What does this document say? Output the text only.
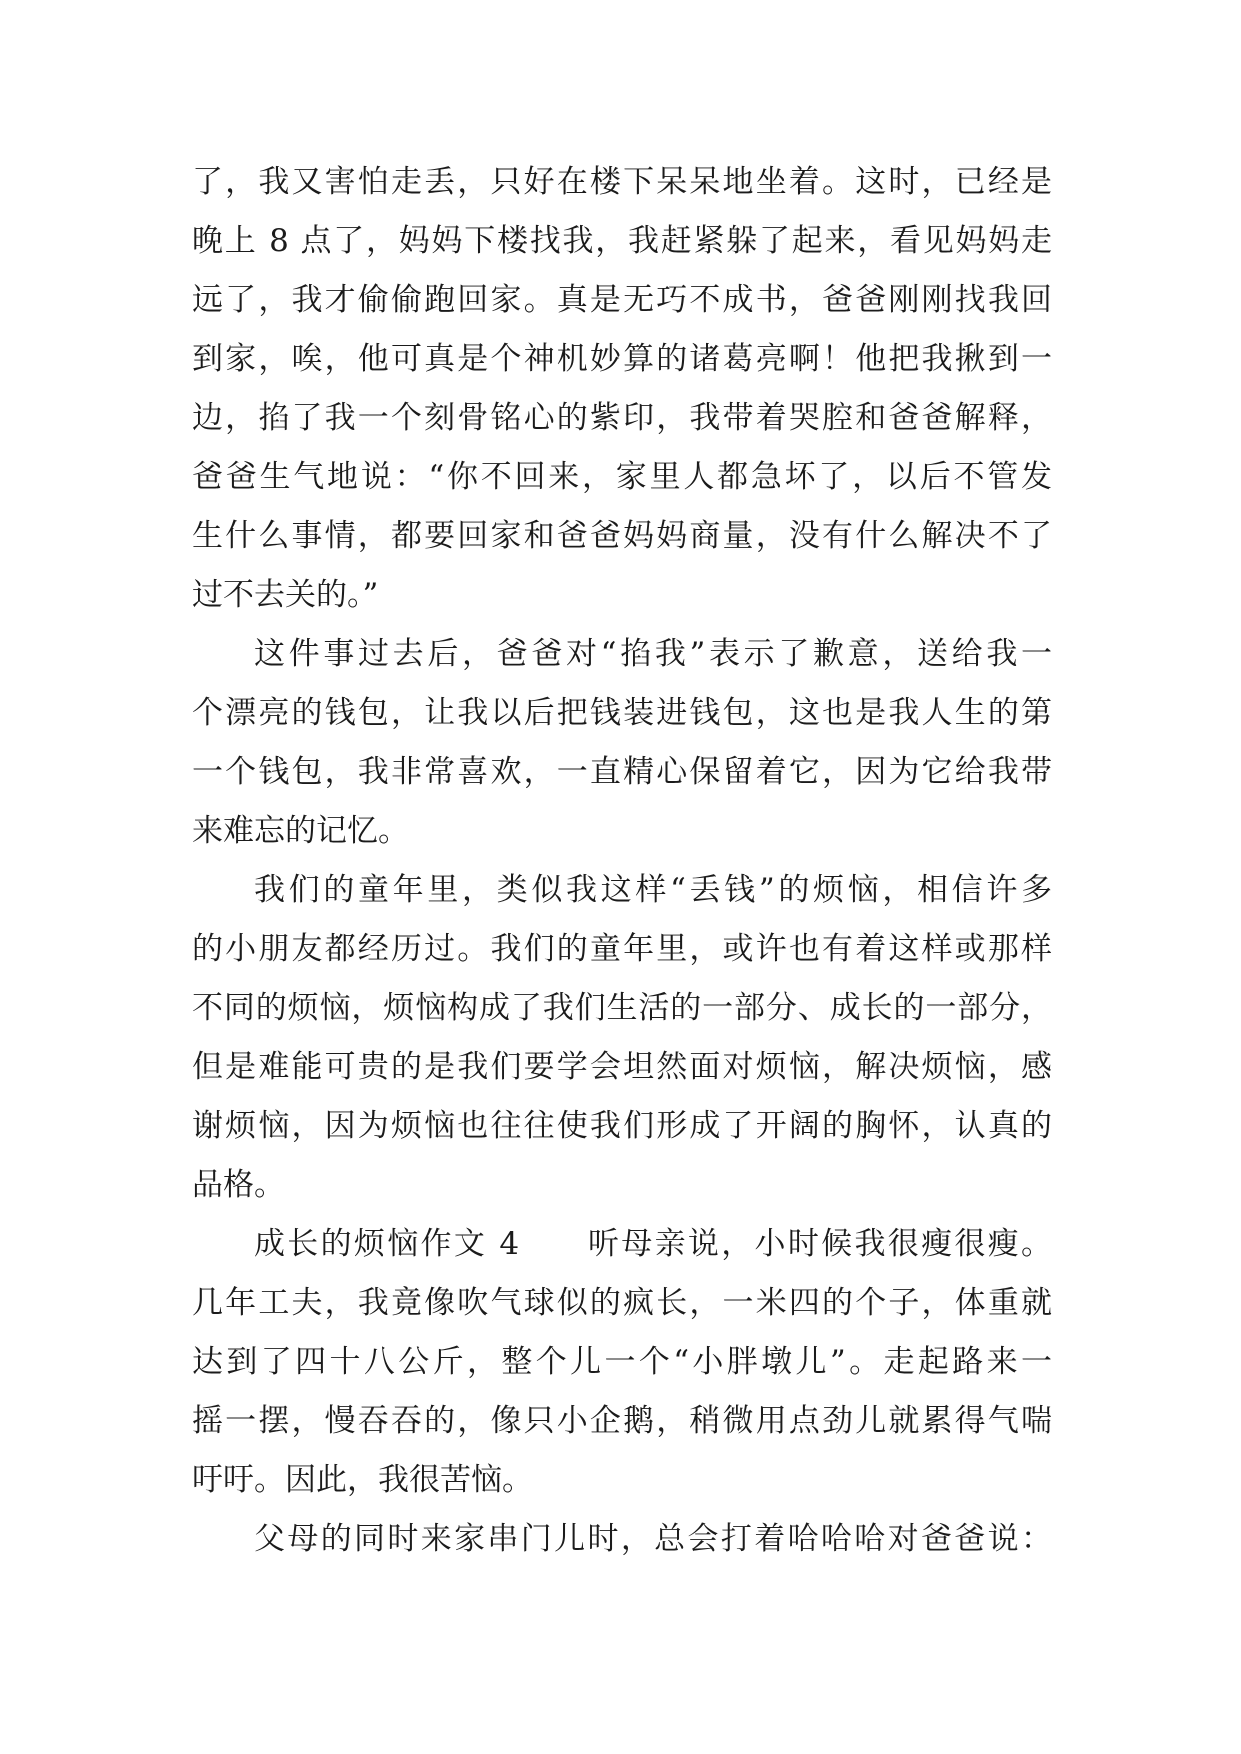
了，我又害怕走丢，只好在楼下呆呆地坐着。这时，已经是
晚上 8 点了，妈妈下楼找我，我赶紧躲了起来，看见妈妈走
远了，我才偷偷跑回家。真是无巧不成书，爸爸刚刚找我回
到家，唉，他可真是个神机妙算的诸葛亮啊！他把我揪到一
边，掐了我一个刻骨铭心的紫印，我带着哭腔和爸爸解释，
爸爸生气地说：“你不回来，家里人都急坏了，以后不管发
生什么事情，都要回家和爸爸妈妈商量，没有什么解决不了
过不去关的。”
这件事过去后，爸爸对“掐我”表示了歉意，送给我一
个漂亮的钱包，让我以后把钱装进钱包，这也是我人生的第
一个钱包，我非常喜欢，一直精心保留着它，因为它给我带
来难忘的记忆。
我们的童年里，类似我这样“丢钱”的烦恼，相信许多
的小朋友都经历过。我们的童年里，或许也有着这样或那样
不同的烦恼，烦恼构成了我们生活的一部分、成长的一部分，
但是难能可贵的是我们要学会坦然面对烦恼，解决烦恼，感
谢烦恼，因为烦恼也往往使我们形成了开阔的胸怀，认真的
品格。
成长的烦恼作文 4　　听母亲说，小时候我很瘦很瘦。
几年工夫，我竟像吹气球似的疯长，一米四的个子，体重就
达到了四十八公斤，整个儿一个“小胖墩儿”。走起路来一
摇一摆，慢吞吞的，像只小企鹅，稍微用点劲儿就累得气喘
吁吁。因此，我很苦恼。
父母的同时来家串门儿时，总会打着哈哈哈对爸爸说：
